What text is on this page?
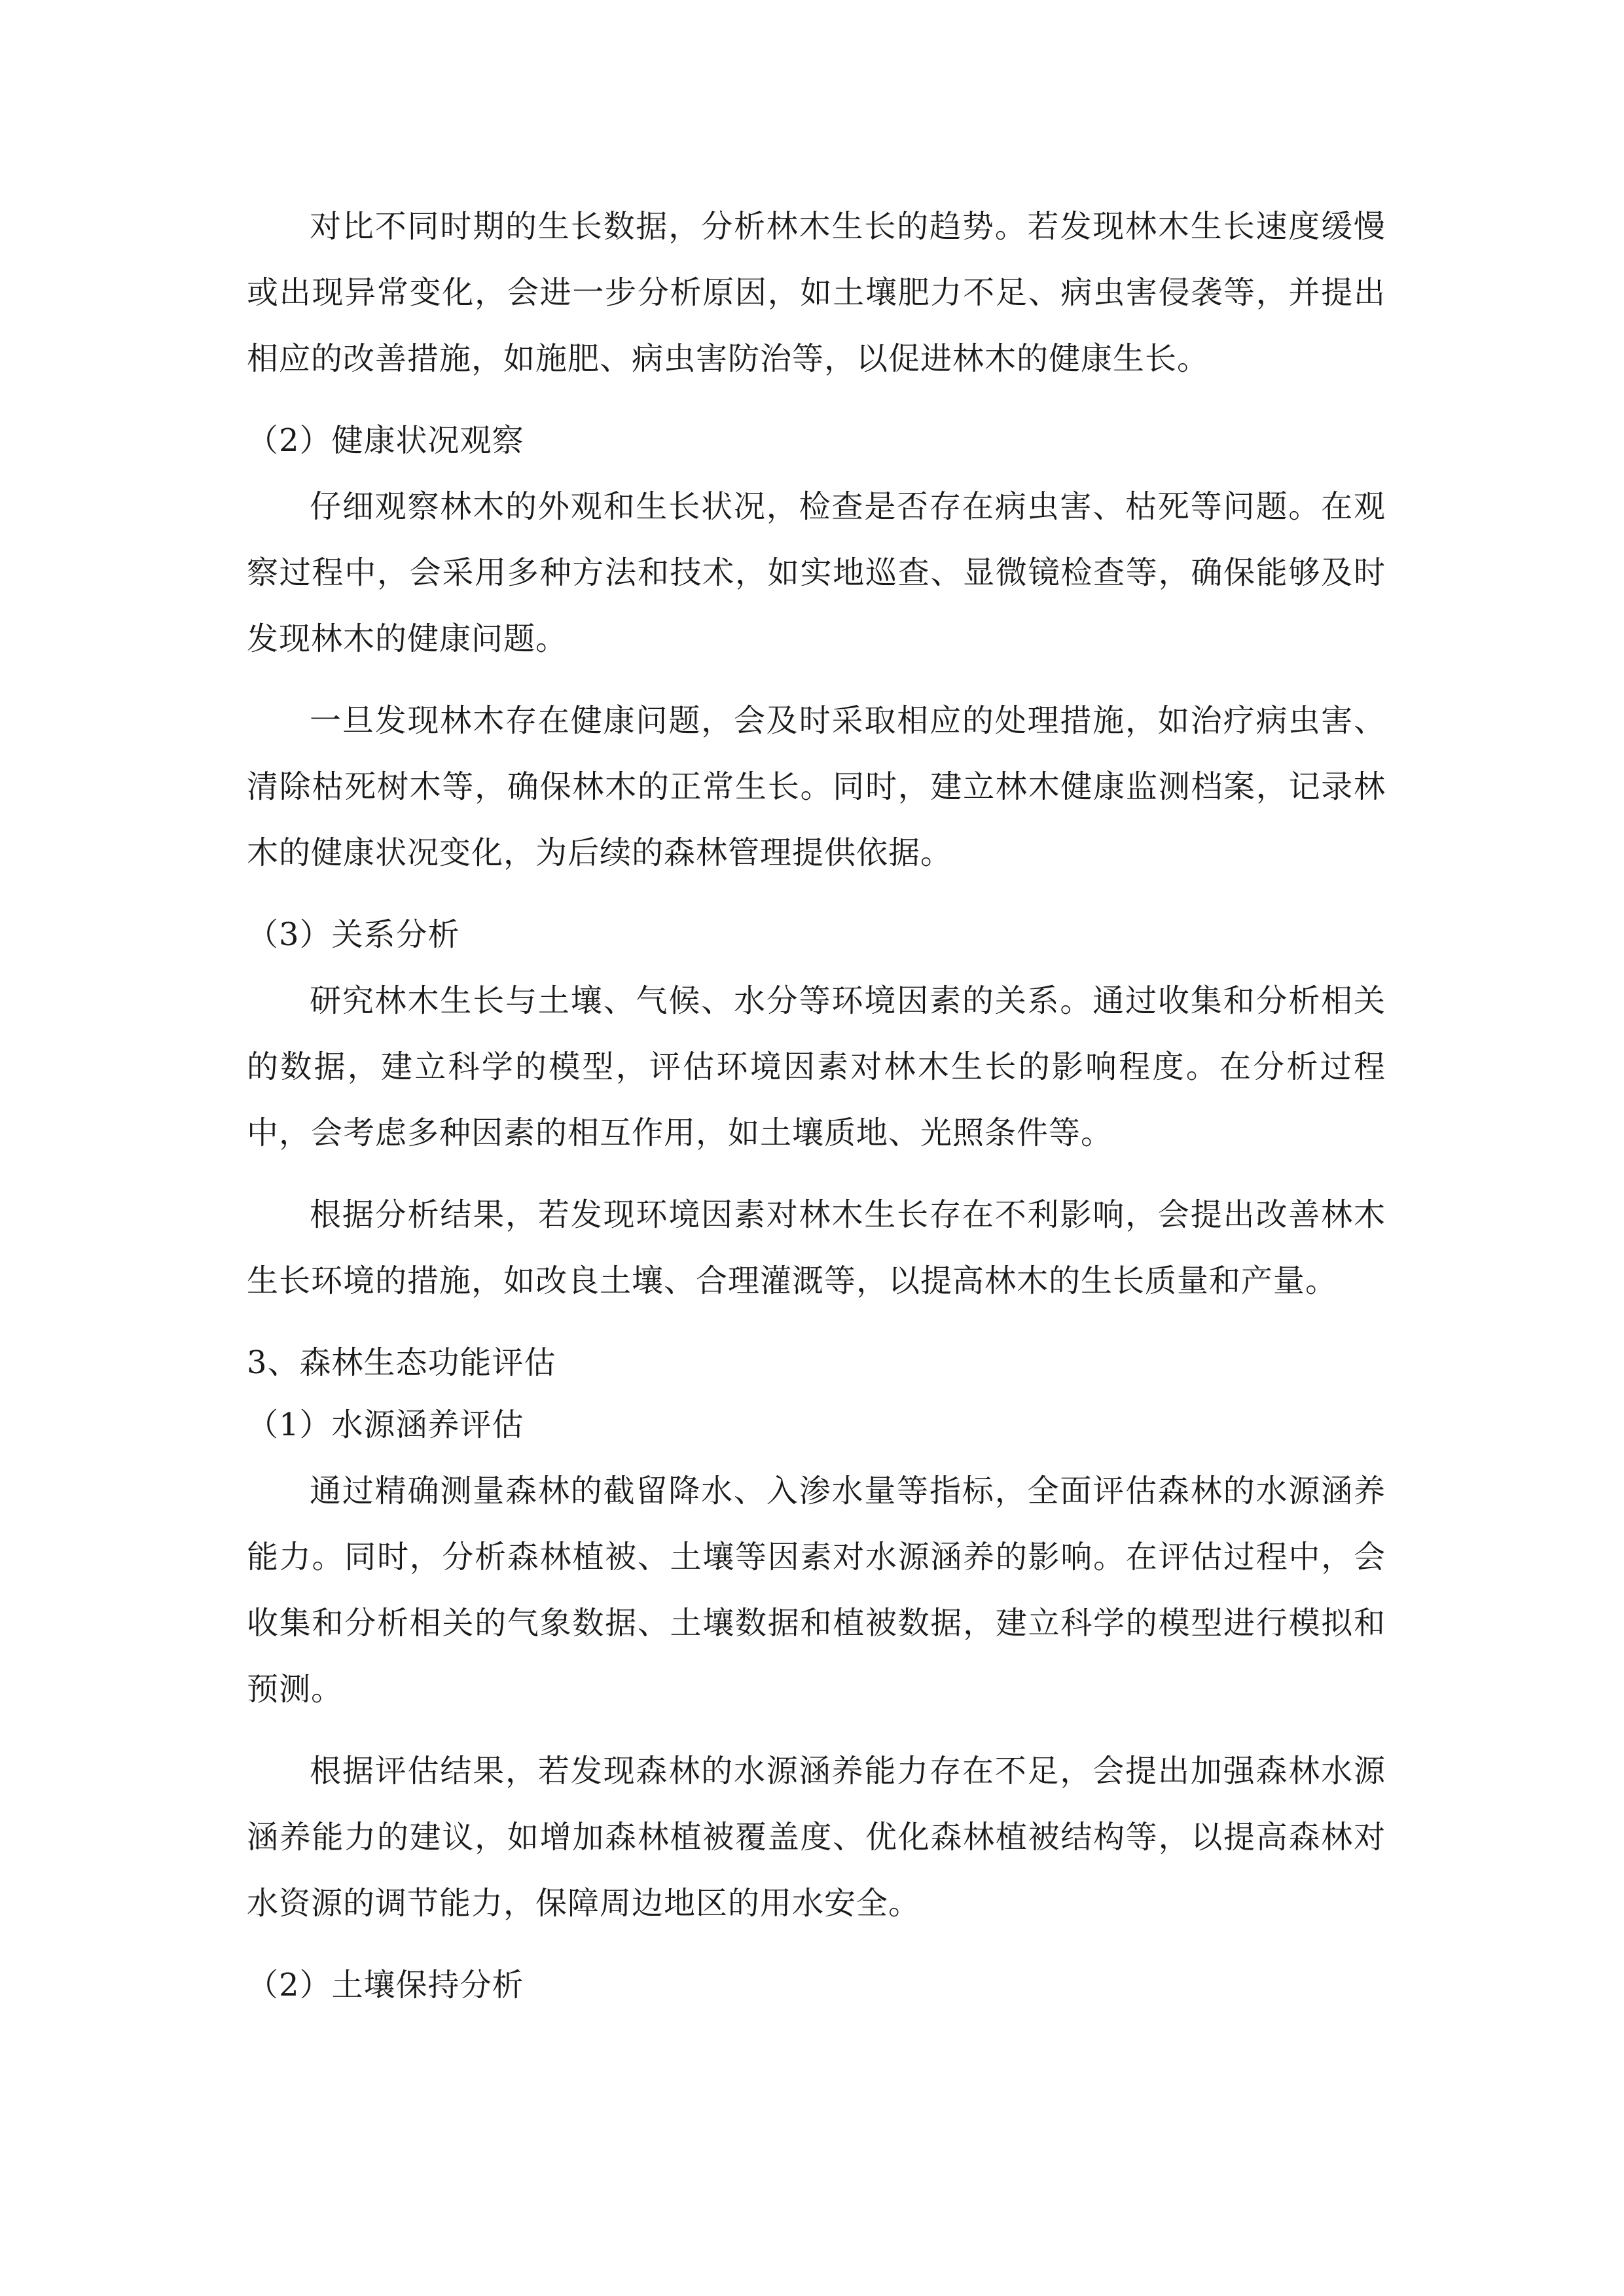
对比不同时期的生长数据，分析林木生长的趋势。若发现林木生长速度缓慢或出现异常变化，会进一步分析原因，如土壤肥力不足、病虫害侵袭等，并提出相应的改善措施，如施肥、病虫害防治等，以促进林木的健康生长。

（2）健康状况观察

仔细观察林木的外观和生长状况，检查是否存在病虫害、枯死等问题。在观察过程中，会采用多种方法和技术，如实地巡查、显微镜检查等，确保能够及时发现林木的健康问题。

一旦发现林木存在健康问题，会及时采取相应的处理措施，如治疗病虫害、清除枯死树木等，确保林木的正常生长。同时，建立林木健康监测档案，记录林木的健康状况变化，为后续的森林管理提供依据。

（3）关系分析

研究林木生长与土壤、气候、水分等环境因素的关系。通过收集和分析相关的数据，建立科学的模型，评估环境因素对林木生长的影响程度。在分析过程中，会考虑多种因素的相互作用，如土壤质地、光照条件等。

根据分析结果，若发现环境因素对林木生长存在不利影响，会提出改善林木生长环境的措施，如改良土壤、合理灌溉等，以提高林木的生长质量和产量。

3、森林生态功能评估

（1）水源涵养评估

通过精确测量森林的截留降水、入渗水量等指标，全面评估森林的水源涵养能力。同时，分析森林植被、土壤等因素对水源涵养的影响。在评估过程中，会收集和分析相关的气象数据、土壤数据和植被数据，建立科学的模型进行模拟和预测。

根据评估结果，若发现森林的水源涵养能力存在不足，会提出加强森林水源涵养能力的建议，如增加森林植被覆盖度、优化森林植被结构等，以提高森林对水资源的调节能力，保障周边地区的用水安全。

（2）土壤保持分析
